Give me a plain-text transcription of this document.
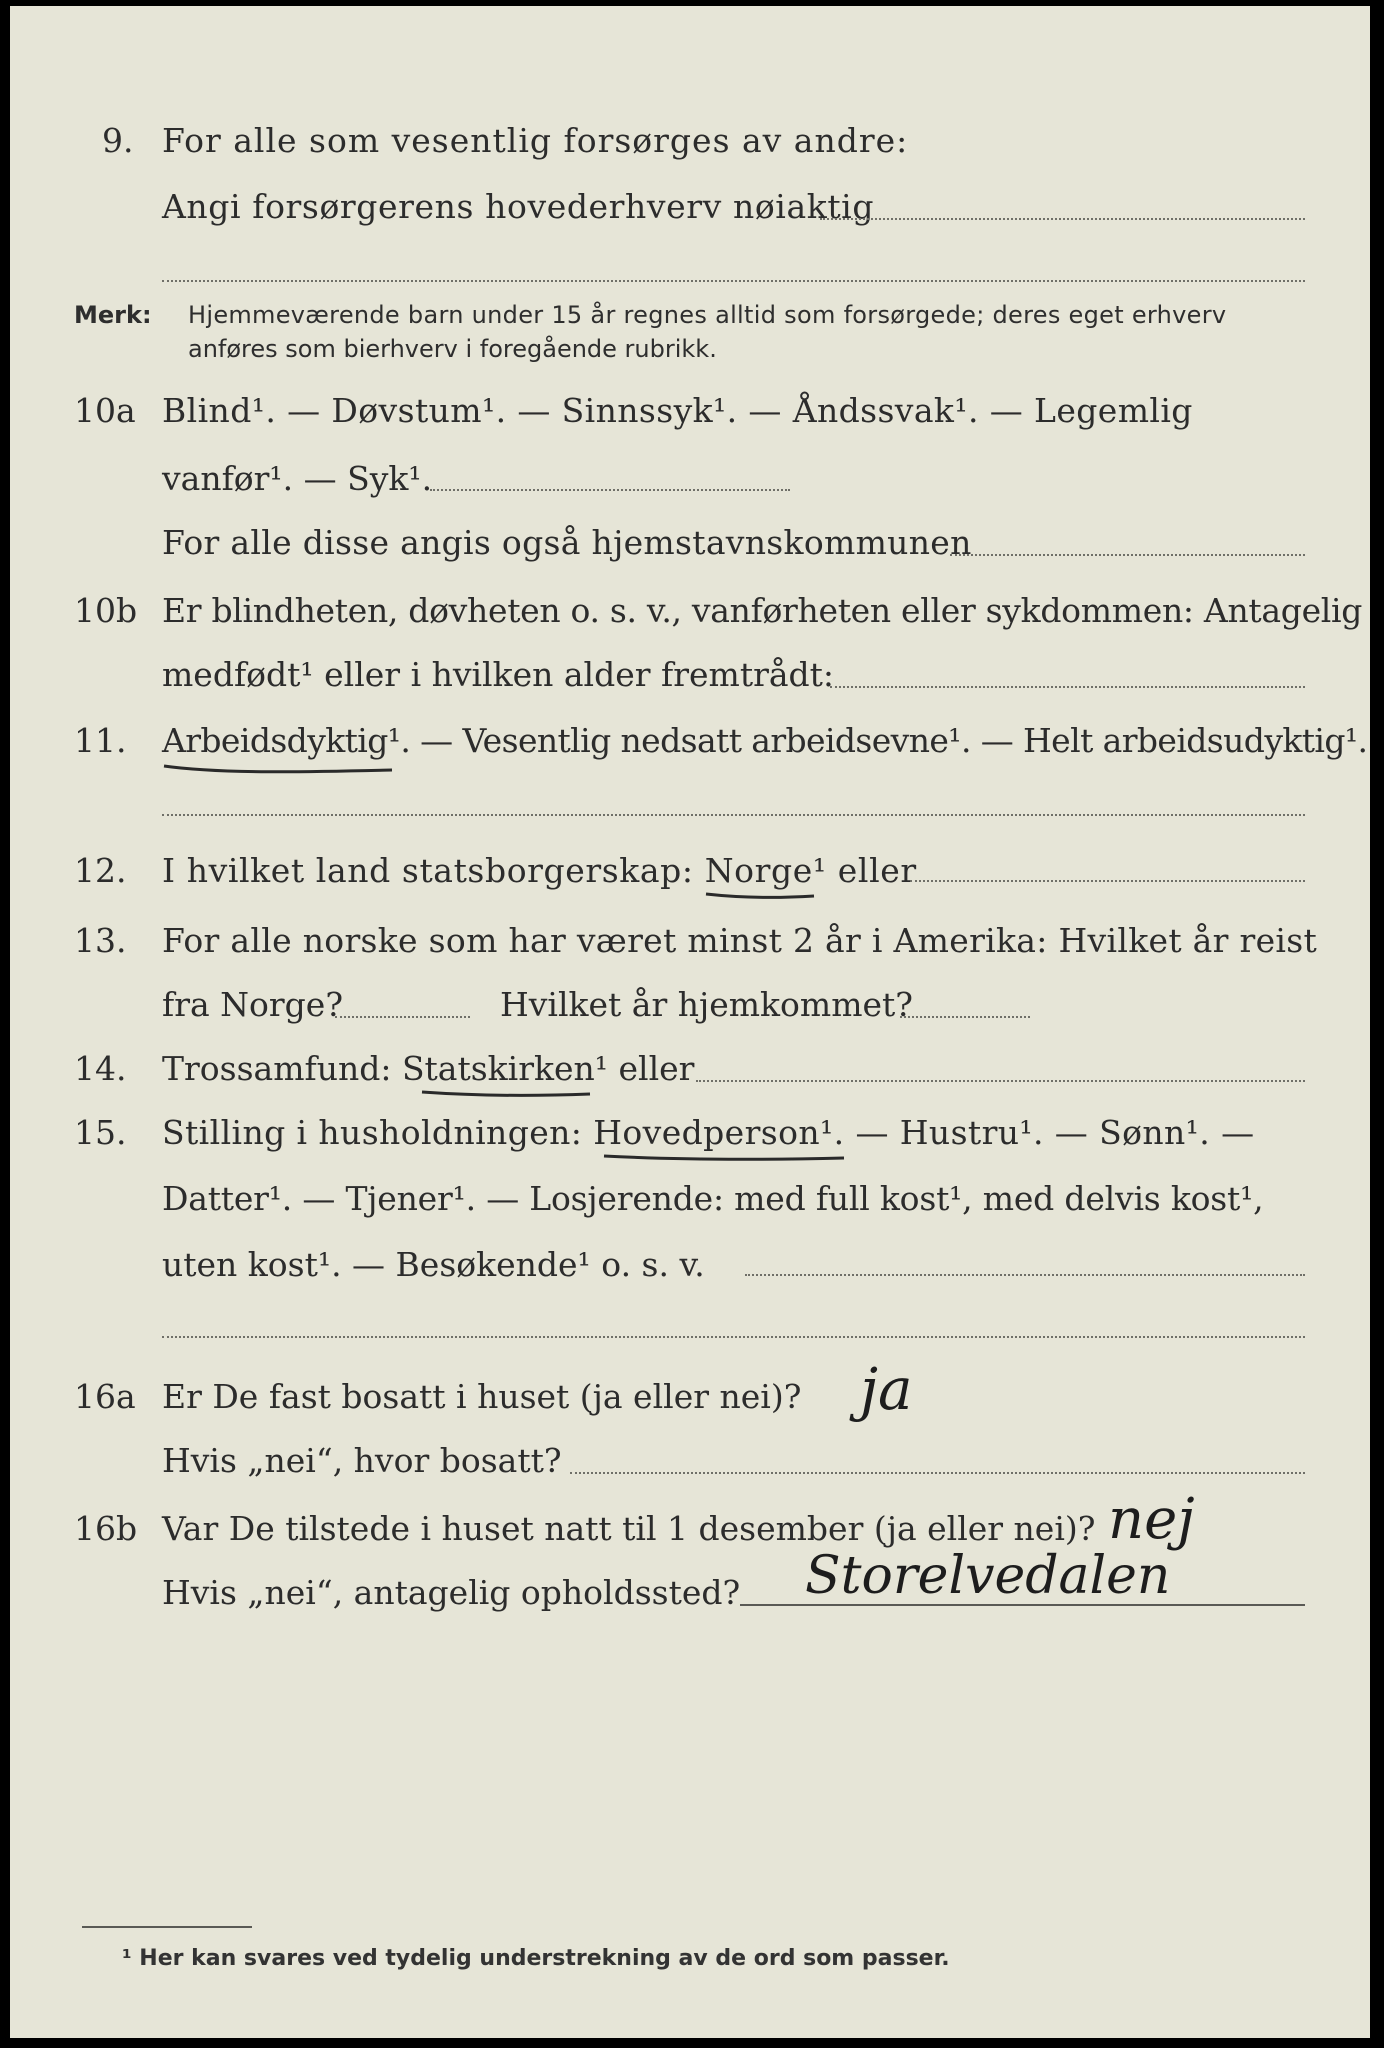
9. For alle som vesentlig forsørges av andre:
Angi forsørgerens hovederhverv nøiaktig
Merk: Hjemmeværende barn under 15 år regnes alltid som forsørgede; deres eget erhverv
anføres som bierhverv i foregående rubrikk.
10a Blind¹. — Døvstum¹. — Sinnssyk¹. — Åndssvak¹. — Legemlig
vanfør¹. — Syk¹.
For alle disse angis også hjemstavnskommunen
10b Er blindheten, døvheten o. s. v., vanførheten eller sykdommen: Antagelig
medfødt¹ eller i hvilken alder fremtrådt:
11. Arbeidsdyktig¹. — Vesentlig nedsatt arbeidsevne¹. — Helt arbeidsudyktig¹.
12. I hvilket land statsborgerskap: Norge¹ eller
13. For alle norske som har været minst 2 år i Amerika: Hvilket år reist
fra Norge?	Hvilket år hjemkommet?
14. Trossamfund: Statskirken¹ eller
15. Stilling i husholdningen: Hovedperson¹. — Hustru¹. — Sønn¹. —
Datter¹. — Tjener¹. — Losjerende: med full kost¹, med delvis kost¹,
uten kost¹. — Besøkende¹ o. s. v.
16a Er De fast bosatt i huset (ja eller nei)? ja
Hvis „nei“, hvor bosatt?
16b Var De tilstede i huset natt til 1 desember (ja eller nei)? nej
Hvis „nei“, antagelig opholdssted? Storelvedalen
¹ Her kan svares ved tydelig understrekning av de ord som passer.
